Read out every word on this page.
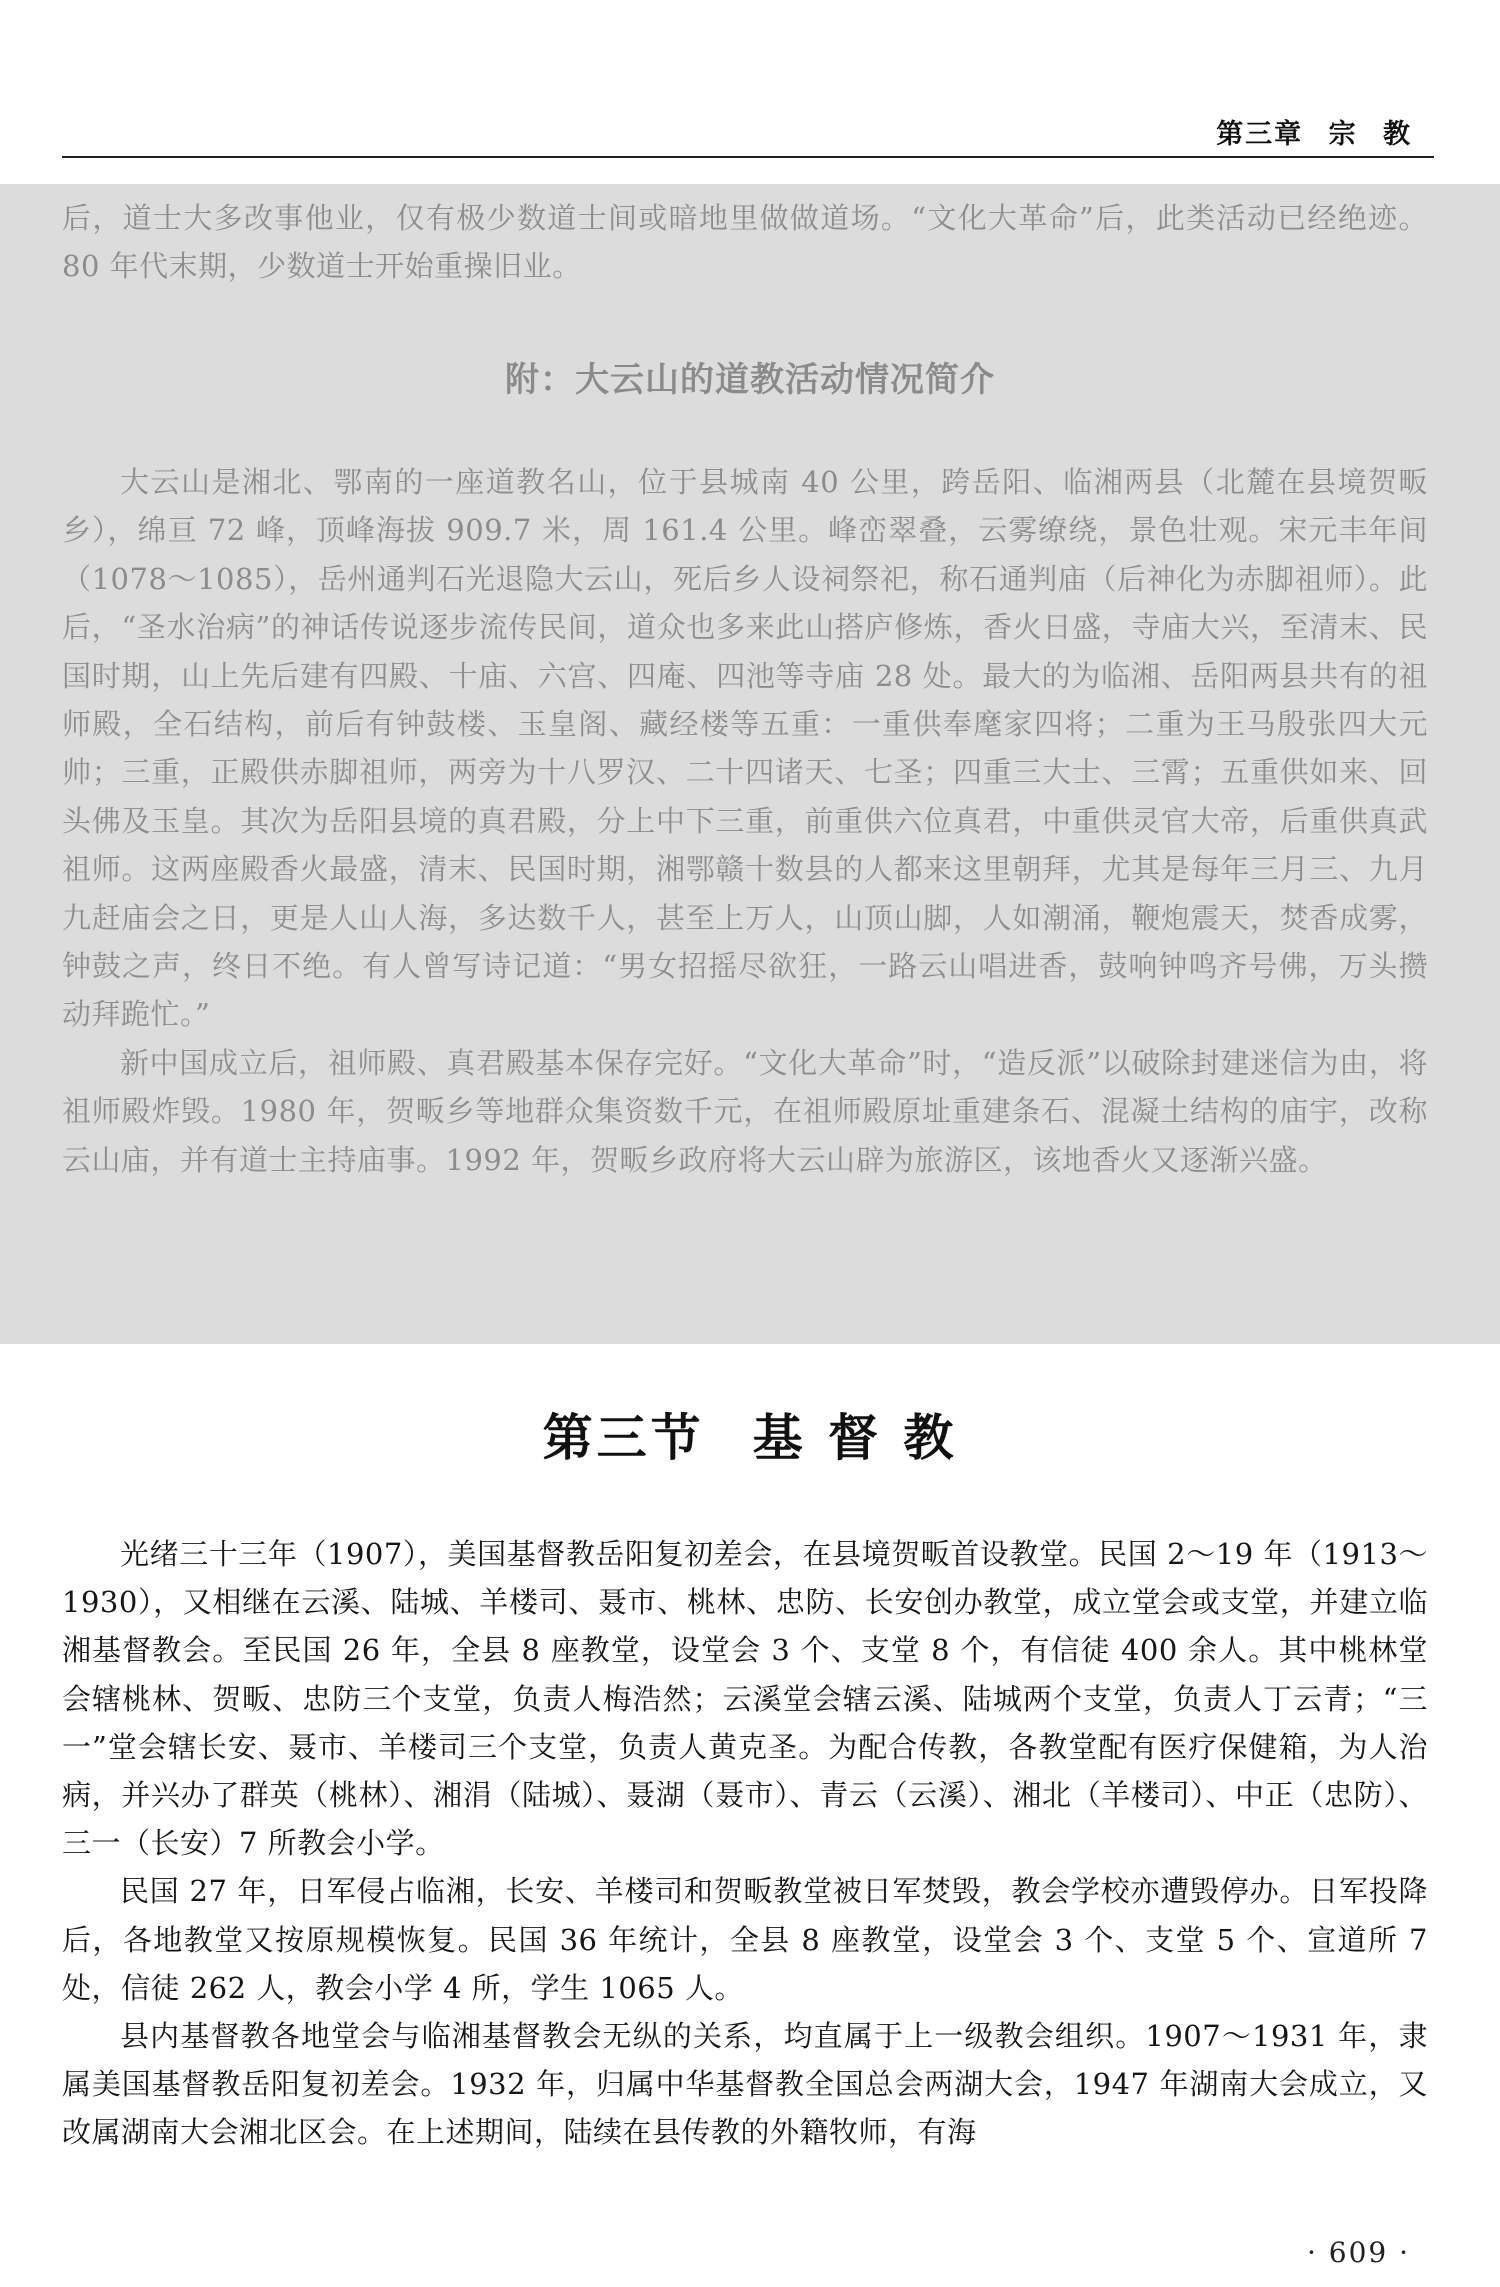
第三章 宗 教

后，道士大多改事他业，仅有极少数道士间或暗地里做做道场。“文化大革命”后，此类活动已经绝迹。80 年代末期，少数道士开始重操旧业。

附：大云山的道教活动情况简介

大云山是湘北、鄂南的一座道教名山，位于县城南 40 公里，跨岳阳、临湘两县（北麓在县境贺畈乡），绵亘 72 峰，顶峰海拔 909.7 米，周 161.4 公里。峰峦翠叠，云雾缭绕，景色壮观。宋元丰年间（1078～1085），岳州通判石光退隐大云山，死后乡人设祠祭祀，称石通判庙（后神化为赤脚祖师）。此后，“圣水治病”的神话传说逐步流传民间，道众也多来此山搭庐修炼，香火日盛，寺庙大兴，至清末、民国时期，山上先后建有四殿、十庙、六宫、四庵、四池等寺庙 28 处。最大的为临湘、岳阳两县共有的祖师殿，全石结构，前后有钟鼓楼、玉皇阁、藏经楼等五重：一重供奉麾家四将；二重为王马殷张四大元帅；三重，正殿供赤脚祖师，两旁为十八罗汉、二十四诸天、七圣；四重三大士、三霄；五重供如来、回头佛及玉皇。其次为岳阳县境的真君殿，分上中下三重，前重供六位真君，中重供灵官大帝，后重供真武祖师。这两座殿香火最盛，清末、民国时期，湘鄂赣十数县的人都来这里朝拜，尤其是每年三月三、九月九赶庙会之日，更是人山人海，多达数千人，甚至上万人，山顶山脚，人如潮涌，鞭炮震天，焚香成雾，钟鼓之声，终日不绝。有人曾写诗记道：“男女招摇尽欲狂，一路云山唱进香，鼓响钟鸣齐号佛，万头攒动拜跪忙。”

新中国成立后，祖师殿、真君殿基本保存完好。“文化大革命”时，“造反派”以破除封建迷信为由，将祖师殿炸毁。1980 年，贺畈乡等地群众集资数千元，在祖师殿原址重建条石、混凝土结构的庙宇，改称云山庙，并有道士主持庙事。1992 年，贺畈乡政府将大云山辟为旅游区，该地香火又逐渐兴盛。

第三节 基 督 教

光绪三十三年（1907），美国基督教岳阳复初差会，在县境贺畈首设教堂。民国 2～19 年（1913～1930），又相继在云溪、陆城、羊楼司、聂市、桃林、忠防、长安创办教堂，成立堂会或支堂，并建立临湘基督教会。至民国 26 年，全县 8 座教堂，设堂会 3 个、支堂 8 个，有信徒 400 余人。其中桃林堂会辖桃林、贺畈、忠防三个支堂，负责人梅浩然；云溪堂会辖云溪、陆城两个支堂，负责人丁云青；“三一”堂会辖长安、聂市、羊楼司三个支堂，负责人黄克圣。为配合传教，各教堂配有医疗保健箱，为人治病，并兴办了群英（桃林）、湘涓（陆城）、聂湖（聂市）、青云（云溪）、湘北（羊楼司）、中正（忠防）、三一（长安）7 所教会小学。

民国 27 年，日军侵占临湘，长安、羊楼司和贺畈教堂被日军焚毁，教会学校亦遭毁停办。日军投降后，各地教堂又按原规模恢复。民国 36 年统计，全县 8 座教堂，设堂会 3 个、支堂 5 个、宣道所 7 处，信徒 262 人，教会小学 4 所，学生 1065 人。

县内基督教各地堂会与临湘基督教会无纵的关系，均直属于上一级教会组织。1907～1931 年，隶属美国基督教岳阳复初差会。1932 年，归属中华基督教全国总会两湖大会，1947 年湖南大会成立，又改属湖南大会湘北区会。在上述期间，陆续在县传教的外籍牧师，有海

· 609 ·
